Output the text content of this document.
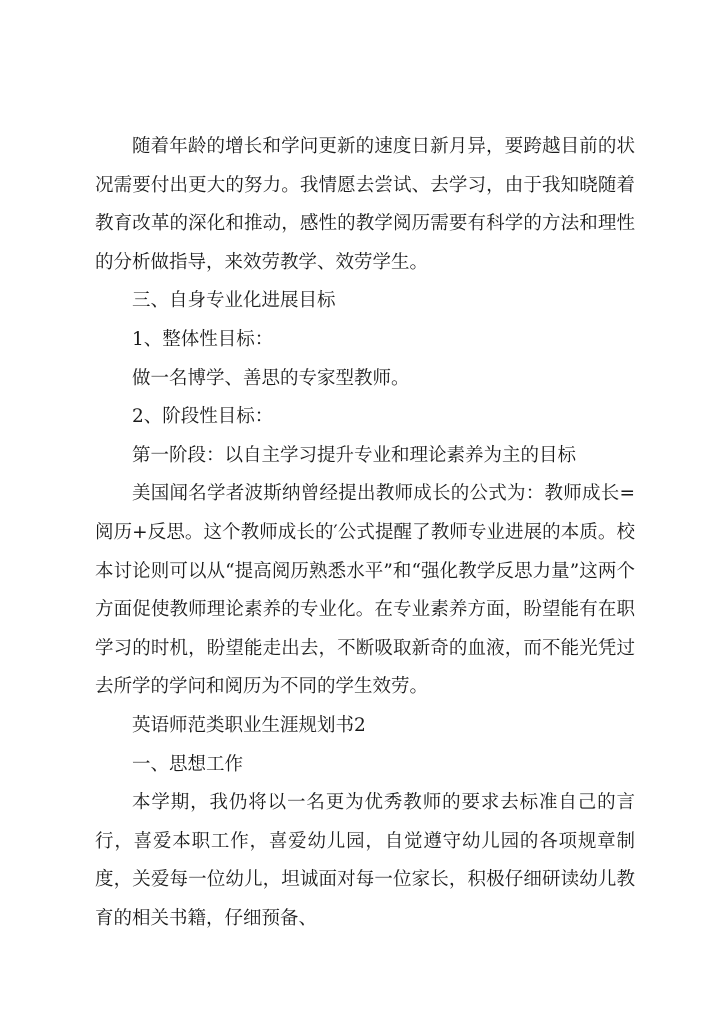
随着年龄的增长和学问更新的速度日新月异，要跨越目前的状况需要付出更大的努力。我情愿去尝试、去学习，由于我知晓随着教育改革的深化和推动，感性的教学阅历需要有科学的方法和理性的分析做指导，来效劳教学、效劳学生。

三、自身专业化进展目标

1、整体性目标：

做一名博学、善思的专家型教师。

2、阶段性目标：

第一阶段：以自主学习提升专业和理论素养为主的目标

美国闻名学者波斯纳曾经提出教师成长的公式为：教师成长=阅历+反思。这个教师成长的′公式提醒了教师专业进展的本质。校本讨论则可以从“提高阅历熟悉水平”和“强化教学反思力量”这两个方面促使教师理论素养的专业化。在专业素养方面，盼望能有在职学习的时机，盼望能走出去，不断吸取新奇的血液，而不能光凭过去所学的学问和阅历为不同的学生效劳。

英语师范类职业生涯规划书2

一、思想工作

本学期，我仍将以一名更为优秀教师的要求去标准自己的言行，喜爱本职工作，喜爱幼儿园，自觉遵守幼儿园的各项规章制度，关爱每一位幼儿，坦诚面对每一位家长，积极仔细研读幼儿教育的相关书籍，仔细预备、
